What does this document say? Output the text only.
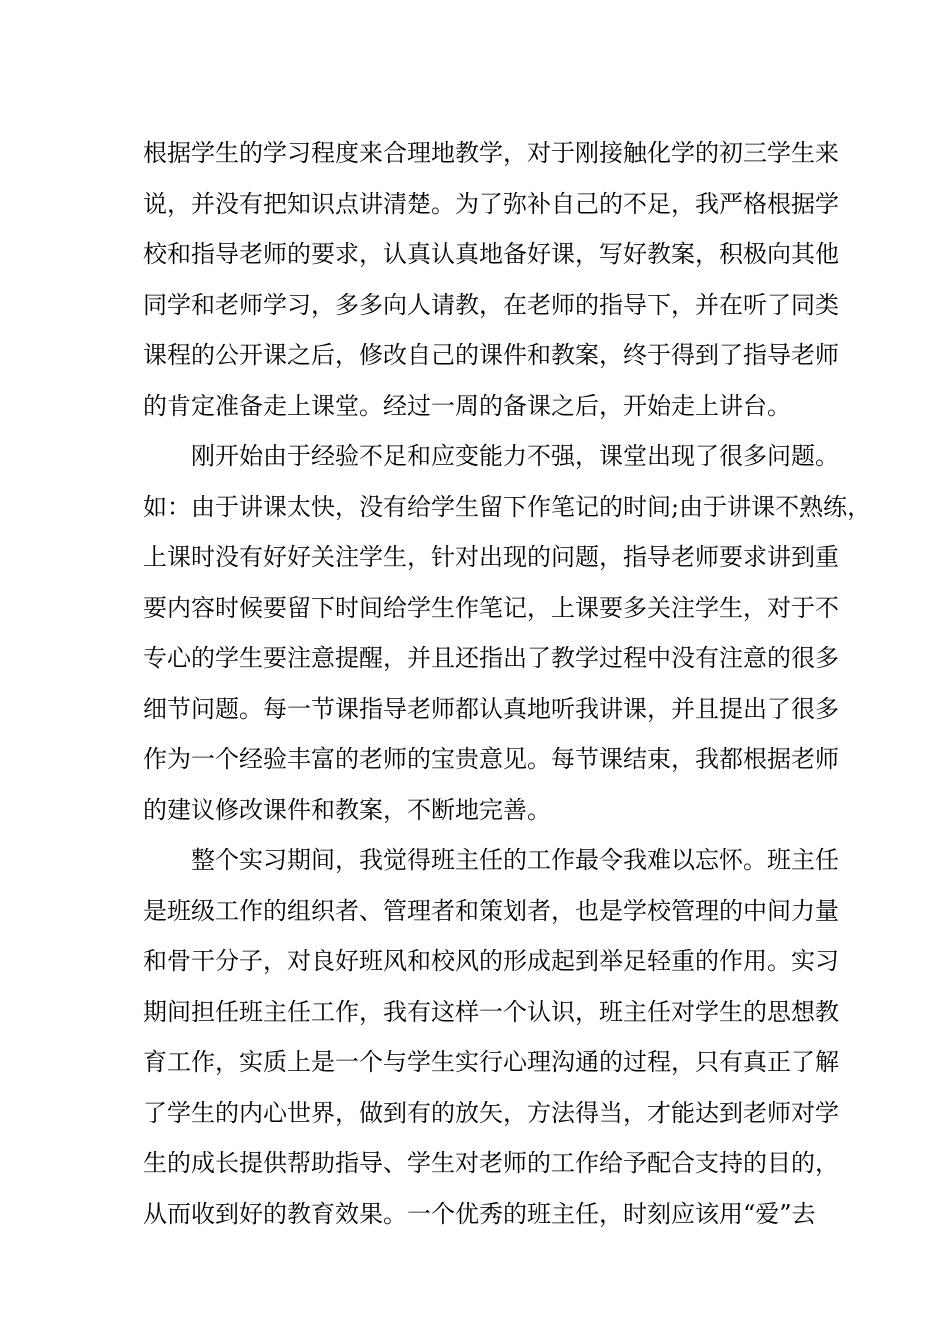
根据学生的学习程度来合理地教学，对于刚接触化学的初三学生来
说，并没有把知识点讲清楚。为了弥补自己的不足，我严格根据学
校和指导老师的要求，认真认真地备好课，写好教案，积极向其他
同学和老师学习，多多向人请教，在老师的指导下，并在听了同类
课程的公开课之后，修改自己的课件和教案，终于得到了指导老师
的肯定准备走上课堂。经过一周的备课之后，开始走上讲台。
刚开始由于经验不足和应变能力不强，课堂出现了很多问题。
如：由于讲课太快，没有给学生留下作笔记的时间;由于讲课不熟练，
上课时没有好好关注学生，针对出现的问题，指导老师要求讲到重
要内容时候要留下时间给学生作笔记，上课要多关注学生，对于不
专心的学生要注意提醒，并且还指出了教学过程中没有注意的很多
细节问题。每一节课指导老师都认真地听我讲课，并且提出了很多
作为一个经验丰富的老师的宝贵意见。每节课结束，我都根据老师
的建议修改课件和教案，不断地完善。
整个实习期间，我觉得班主任的工作最令我难以忘怀。班主任
是班级工作的组织者、管理者和策划者，也是学校管理的中间力量
和骨干分子，对良好班风和校风的形成起到举足轻重的作用。实习
期间担任班主任工作，我有这样一个认识，班主任对学生的思想教
育工作，实质上是一个与学生实行心理沟通的过程，只有真正了解
了学生的内心世界，做到有的放矢，方法得当，才能达到老师对学
生的成长提供帮助指导、学生对老师的工作给予配合支持的目的，
从而收到好的教育效果。一个优秀的班主任，时刻应该用“爱”去
